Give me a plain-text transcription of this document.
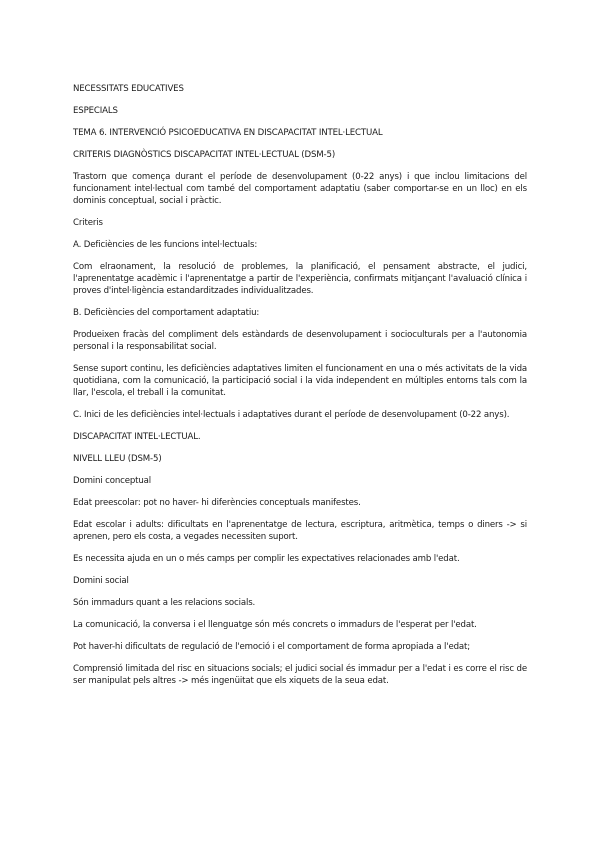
NECESSITATS EDUCATIVES

ESPECIALS

TEMA 6. INTERVENCIÓ PSICOEDUCATIVA EN DISCAPACITAT INTEL·LECTUAL

CRITERIS DIAGNÒSTICS DISCAPACITAT INTEL·LECTUAL (DSM-5)

Trastorn que comença durant el període de desenvolupament (0-22 anys) i que inclou limitacions del funcionament intel·lectual com també del comportament adaptatiu (saber comportar-se en un lloc) en els dominis conceptual, social i pràctic.

Criteris

A. Deficiències de les funcions intel·lectuals:

Com elraonament, la resolució de problemes, la planificació, el pensament abstracte, el judici, l'aprenentatge acadèmic i l'aprenentatge a partir de l'experiència, confirmats mitjançant l'avaluació clínica i proves d'intel·ligència estandarditzades individualitzades.

B. Deficiències del comportament adaptatiu:

Produeixen fracàs del compliment dels estàndards de desenvolupament i socioculturals per a l'autonomia personal i la responsabilitat social.

Sense suport continu, les deficiències adaptatives limiten el funcionament en una o més activitats de la vida quotidiana, com la comunicació, la participació social i la vida independent en múltiples entorns tals com la llar, l'escola, el treball i la comunitat.

C. Inici de les deficiències intel·lectuals i adaptatives durant el període de desenvolupament (0-22 anys).

DISCAPACITAT INTEL·LECTUAL.

NIVELL LLEU (DSM-5)

Domini conceptual

Edat preescolar: pot no haver- hi diferències conceptuals manifestes.

Edat escolar i adults: dificultats en l'aprenentatge de lectura, escriptura, aritmètica, temps o diners -> si aprenen, pero els costa, a vegades necessiten suport.

Es necessita ajuda en un o més camps per complir les expectatives relacionades amb l'edat.

Domini social

Són immadurs quant a les relacions socials.

La comunicació, la conversa i el llenguatge són més concrets o immadurs de l'esperat per l'edat.

Pot haver-hi dificultats de regulació de l'emoció i el comportament de forma apropiada a l'edat;

Comprensió limitada del risc en situacions socials; el judici social és immadur per a l'edat i es corre el risc de ser manipulat pels altres -> més ingenüitat que els xiquets de la seua edat.
